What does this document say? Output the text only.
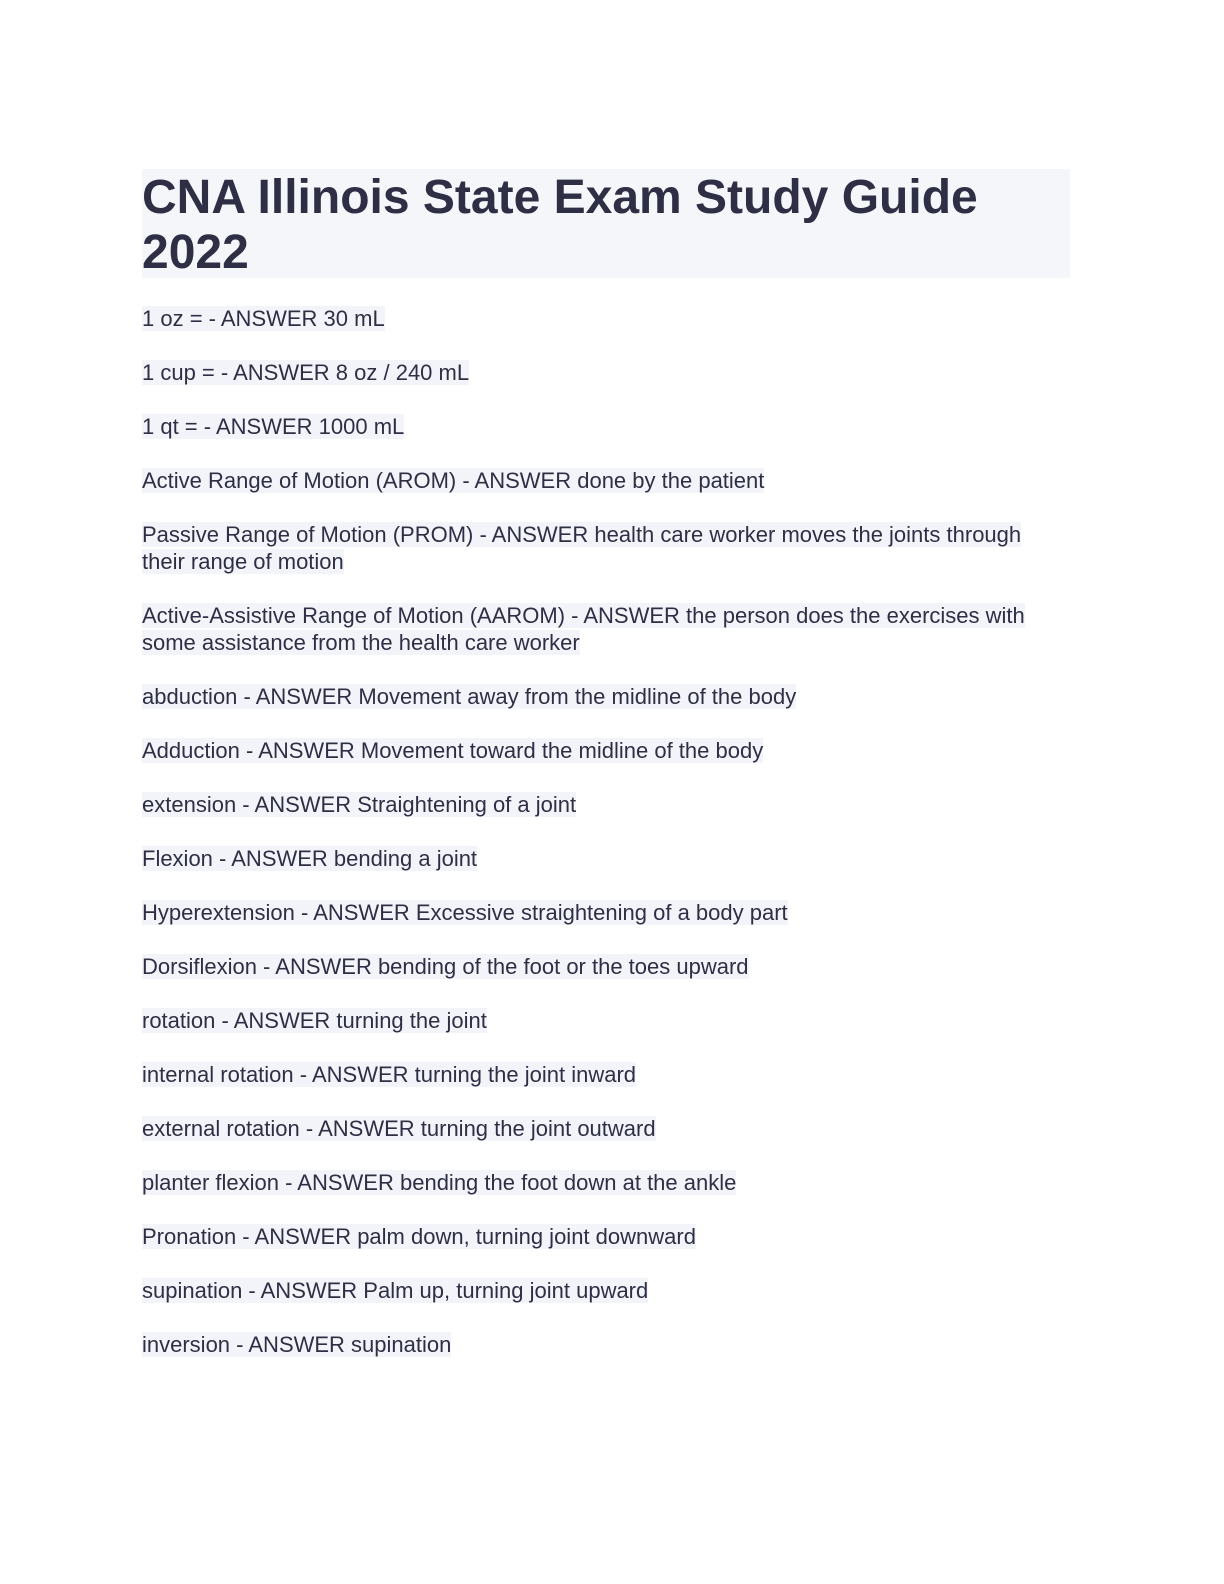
CNA Illinois State Exam Study Guide 2022
1 oz = - ANSWER 30 mL
1 cup = - ANSWER 8 oz / 240 mL
1 qt = - ANSWER 1000 mL
Active Range of Motion (AROM) - ANSWER done by the patient
Passive Range of Motion (PROM) - ANSWER health care worker moves the joints through their range of motion
Active-Assistive Range of Motion (AAROM) - ANSWER the person does the exercises with some assistance from the health care worker
abduction - ANSWER Movement away from the midline of the body
Adduction - ANSWER Movement toward the midline of the body
extension - ANSWER Straightening of a joint
Flexion - ANSWER bending a joint
Hyperextension - ANSWER Excessive straightening of a body part
Dorsiflexion - ANSWER bending of the foot or the toes upward
rotation - ANSWER turning the joint
internal rotation - ANSWER turning the joint inward
external rotation - ANSWER turning the joint outward
planter flexion - ANSWER bending the foot down at the ankle
Pronation - ANSWER palm down, turning joint downward
supination - ANSWER Palm up, turning joint upward
inversion - ANSWER supination
